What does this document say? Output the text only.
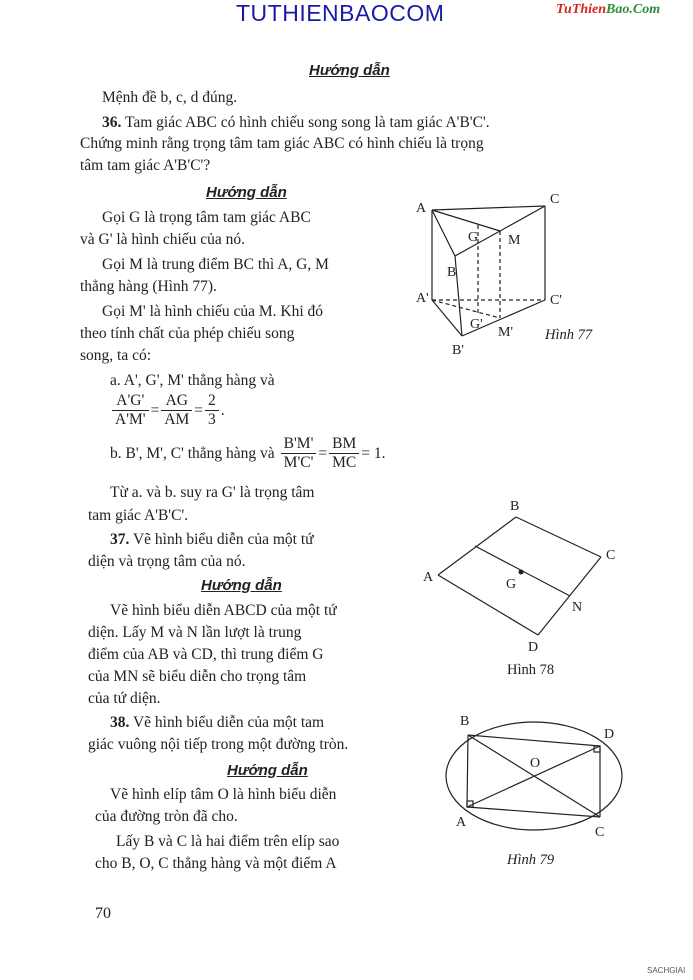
TUTHIENBAOCOM	TuThienBao.Com
Hướng dẫn
Mệnh đề b, c, d đúng.
36. Tam giác ABC có hình chiếu song song là tam giác A'B'C'.
Chứng minh rằng trọng tâm tam giác ABC có hình chiếu là trọng
tâm tam giác A'B'C'?
Hướng dẫn
Gọi G là trọng tâm tam giác ABC
và G' là hình chiếu của nó.
Gọi M là trung điểm BC thì A, G, M
thẳng hàng (Hình 77).
Gọi M' là hình chiếu của M. Khi đó
theo tính chất của phép chiếu song
song, ta có:
a. A', G', M' thẳng hàng và
$\frac{A'G'}{A'M'} = \frac{AG}{AM} = \frac{2}{3}$ .
b. B', M', C' thẳng hàng và $\frac{B'M'}{M'C'} = \frac{BM}{MC} = 1$.
Từ a. và b. suy ra G' là trọng tâm
tam giác A'B'C'.
37. Vẽ hình biểu diễn của một tứ
diện và trọng tâm của nó.
Hướng dẫn
Vẽ hình biểu diễn ABCD của một tứ
diện. Lấy M và N lần lượt là trung
điểm của AB và CD, thì trung điểm G
của MN sẽ biểu diễn cho trọng tâm
của tứ diện.
38. Vẽ hình biểu diễn của một tam
giác vuông nội tiếp trong một đường tròn.
Hướng dẫn
Vẽ hình elíp tâm O là hình biểu diễn
của đường tròn đã cho.
Lấy B và C là hai điểm trên elíp sao
cho B, O, C thẳng hàng và một điểm A
A
C
G M
B
A'	C'
G'
M'
B'
Hình 77
A
B
C
D
G
N
Hình 78
B
D
O
A
C
Hình 79
70
SACHGIAI
